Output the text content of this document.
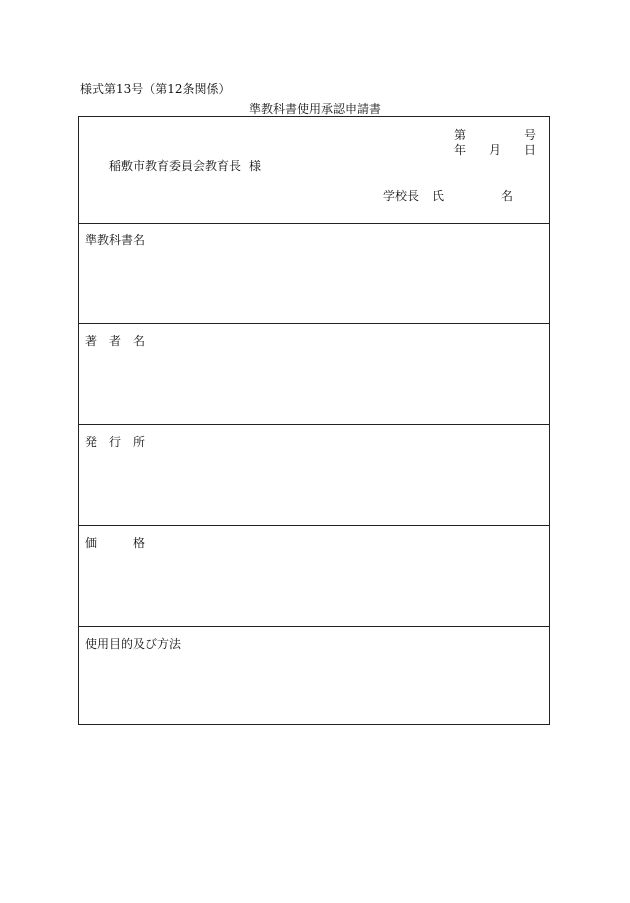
様式第13号（第12条関係）
準教科書使用承認申請書
第	号
年 月 日
稲敷市教育委員会教育長 様
学校長 氏	名
準教科書名
著 者 名
発 行 所
価	格
使用目的及び方法
